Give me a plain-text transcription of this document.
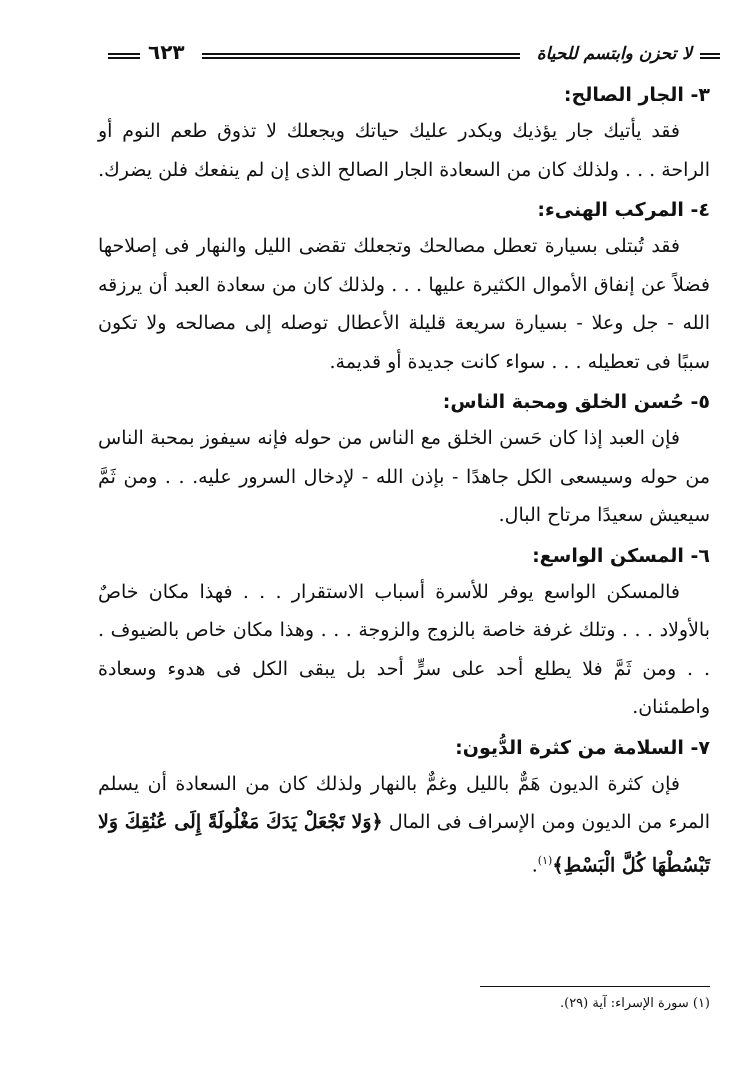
لا تحزن وابتسم للحياة
٦٢٣
٣- الجار الصالح:

فقد يأتيك جار يؤذيك ويكدر عليك حياتك ويجعلك لا تذوق طعم النوم أو الراحة . . . ولذلك كان من السعادة الجار الصالح الذى إن لم ينفعك فلن يضرك.

٤- المركب الهنىء:

فقد تُبتلى بسيارة تعطل مصالحك وتجعلك تقضى الليل والنهار فى إصلاحها فضلاً عن إنفاق الأموال الكثيرة عليها . . . ولذلك كان من سعادة العبد أن يرزقه الله - جل وعلا - بسيارة سريعة قليلة الأعطال توصله إلى مصالحه ولا تكون سببًا فى تعطيله . . . سواء كانت جديدة أو قديمة.

٥- حُسن الخلق ومحبة الناس:

فإن العبد إذا كان حَسن الخلق مع الناس من حوله فإنه سيفوز بمحبة الناس من حوله وسيسعى الكل جاهدًا - بإذن الله - لإدخال السرور عليه. . . ومن ثَمَّ سيعيش سعيدًا مرتاح البال.

٦- المسكن الواسع:

فالمسكن الواسع يوفر للأسرة أسباب الاستقرار . . . فهذا مكان خاصٌ بالأولاد . . . وتلك غرفة خاصة بالزوج والزوجة . . . وهذا مكان خاص بالضيوف . . . ومن ثَمَّ فلا يطلع أحد على سرٍّ أحد بل يبقى الكل فى هدوء وسعادة واطمئنان.

٧- السلامة من كثرة الدُّيون:

فإن كثرة الديون هَمٌّ بالليل وغمٌّ بالنهار ولذلك كان من السعادة أن يسلم المرء من الديون ومن الإسراف فى المال ﴿وَلا تَجْعَلْ يَدَكَ مَغْلُولَةً إِلَى عُنُقِكَ وَلا تَبْسُطْهَا كُلَّ الْبَسْطِ﴾$^{(١)}$.

(١) سورة الإسراء: آية (٢٩).
